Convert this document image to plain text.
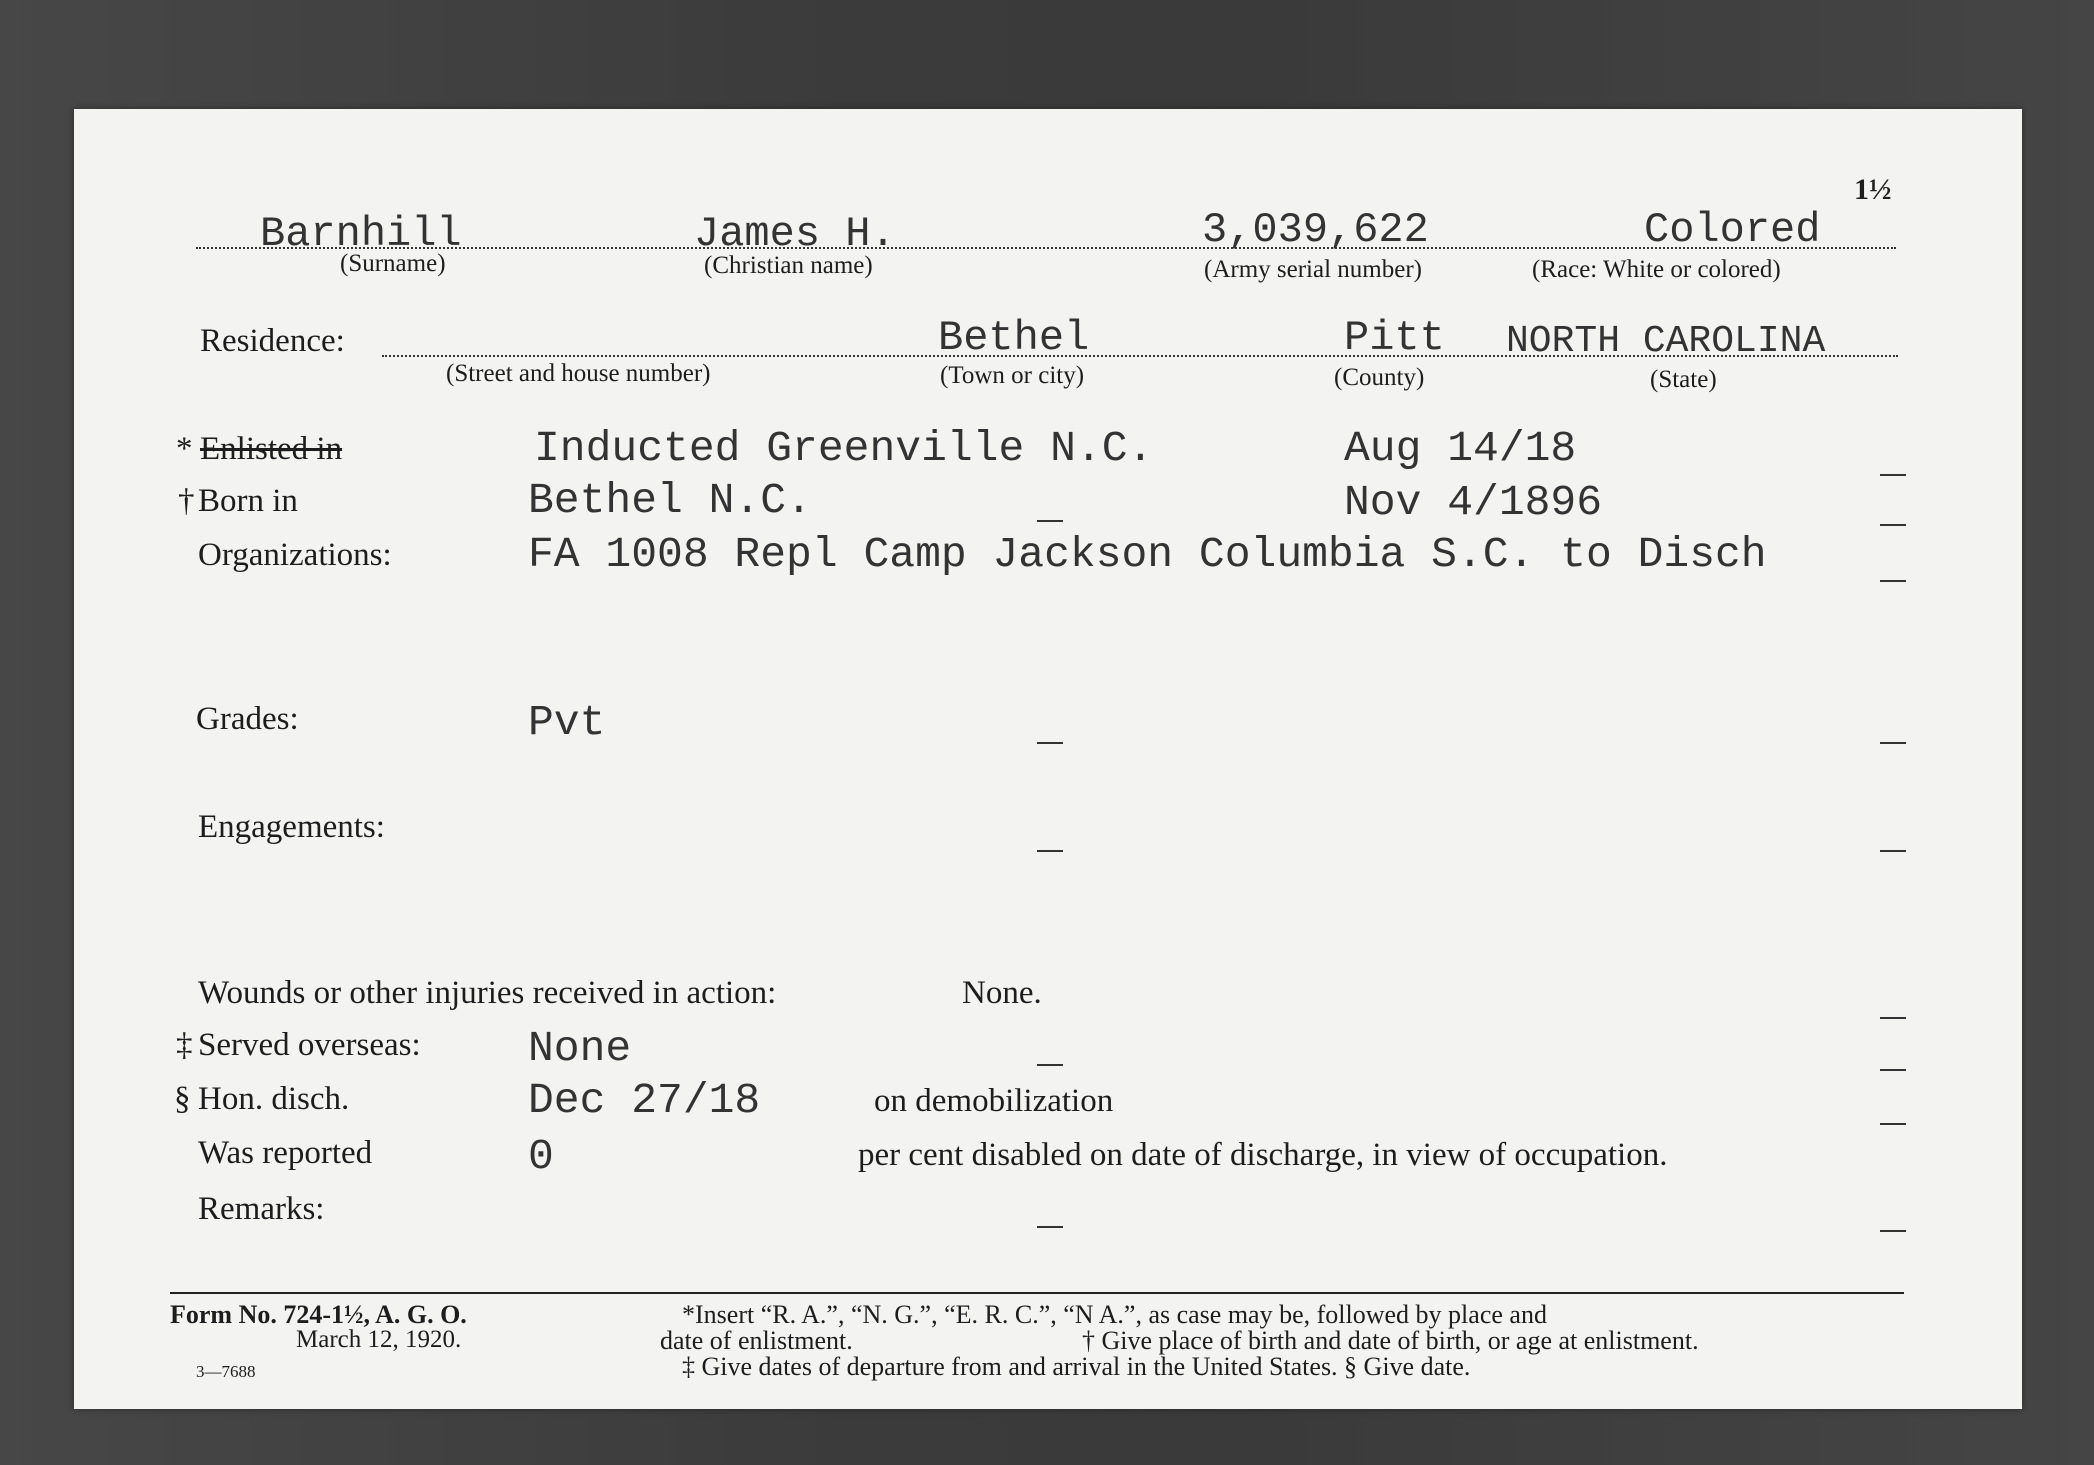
1½
Barnhill	James H.	3,039,622	Colored
(Surname)	(Christian name)	(Army serial number)	(Race: White or colored)
Residence:	Bethel	Pitt NORTH CAROLINA
(Street and house number)	(Town or city)	(County)	(State)
* Enlisted in	Inducted Greenville N.C.	Aug 14/18
† Born in	Bethel N.C.	Nov 4/1896
Organizations:	FA 1008 Repl Camp Jackson Columbia S.C. to Disch
Grades:	Pvt
Engagements:
Wounds or other injuries received in action:	None.
‡ Served overseas: None
§ Hon. disch.	Dec 27/18	on demobilization
Was reported	0	per cent disabled on date of discharge, in view of occupation.
Remarks:
Form No. 724-1½, A. G. O.
March 12, 1920.
3—7688
*Insert “R. A.”, “N. G.”, “E. R. C.”, “N A.”, as case may be, followed by place and
date of enlistment.	† Give place of birth and date of birth, or age at enlistment.
‡ Give dates of departure from and arrival in the United States. § Give date.
